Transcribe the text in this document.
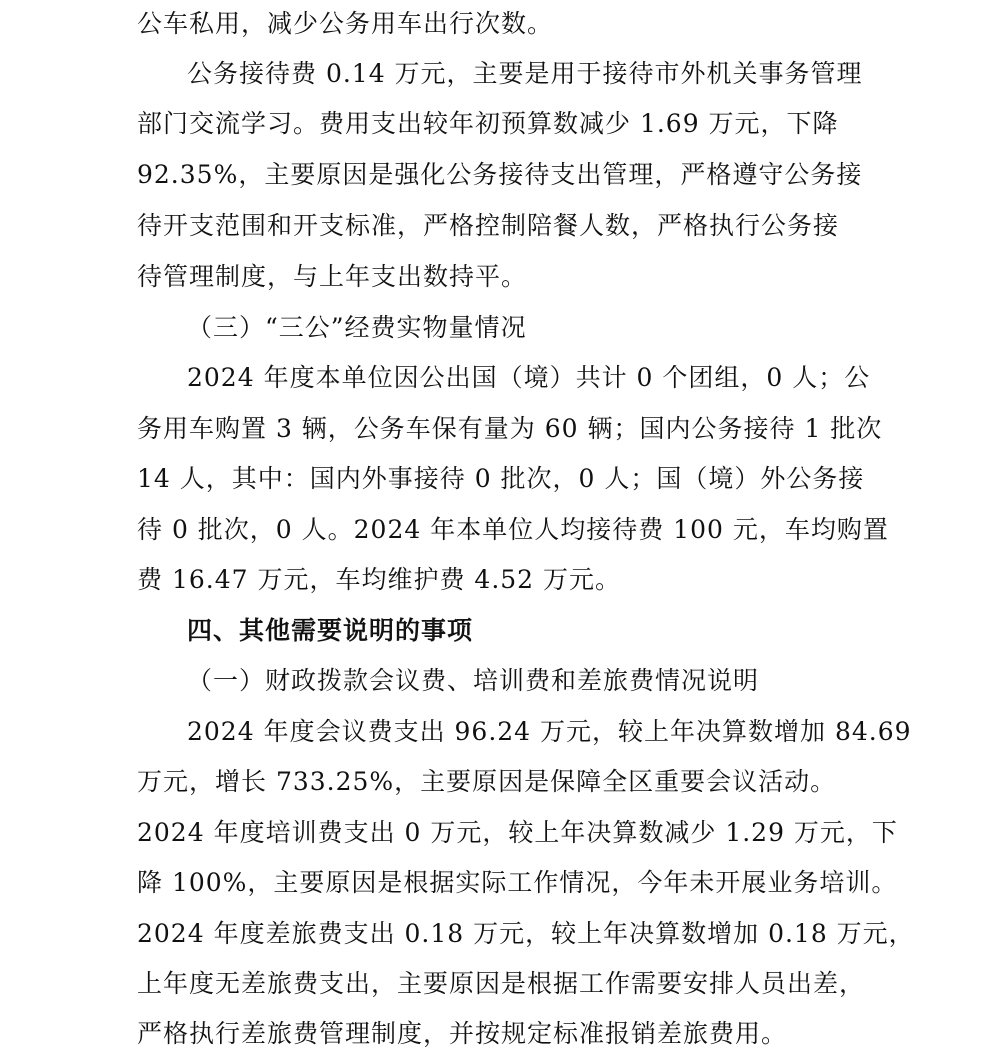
公车私用，减少公务用车出行次数。
公务接待费 0.14 万元，主要是用于接待市外机关事务管理
部门交流学习。费用支出较年初预算数减少 1.69 万元，下降
92.35%，主要原因是强化公务接待支出管理，严格遵守公务接
待开支范围和开支标准，严格控制陪餐人数，严格执行公务接
待管理制度，与上年支出数持平。
（三）“三公”经费实物量情况
2024 年度本单位因公出国（境）共计 0 个团组，0 人；公
务用车购置 3 辆，公务车保有量为 60 辆；国内公务接待 1 批次
14 人，其中：国内外事接待 0 批次，0 人；国（境）外公务接
待 0 批次，0 人。2024 年本单位人均接待费 100 元，车均购置
费 16.47 万元，车均维护费 4.52 万元。
四、其他需要说明的事项
（一）财政拨款会议费、培训费和差旅费情况说明
2024 年度会议费支出 96.24 万元，较上年决算数增加 84.69
万元，增长 733.25%，主要原因是保障全区重要会议活动。
2024 年度培训费支出 0 万元，较上年决算数减少 1.29 万元，下
降 100%，主要原因是根据实际工作情况，今年未开展业务培训。
2024 年度差旅费支出 0.18 万元，较上年决算数增加 0.18 万元，
上年度无差旅费支出，主要原因是根据工作需要安排人员出差，
严格执行差旅费管理制度，并按规定标准报销差旅费用。
